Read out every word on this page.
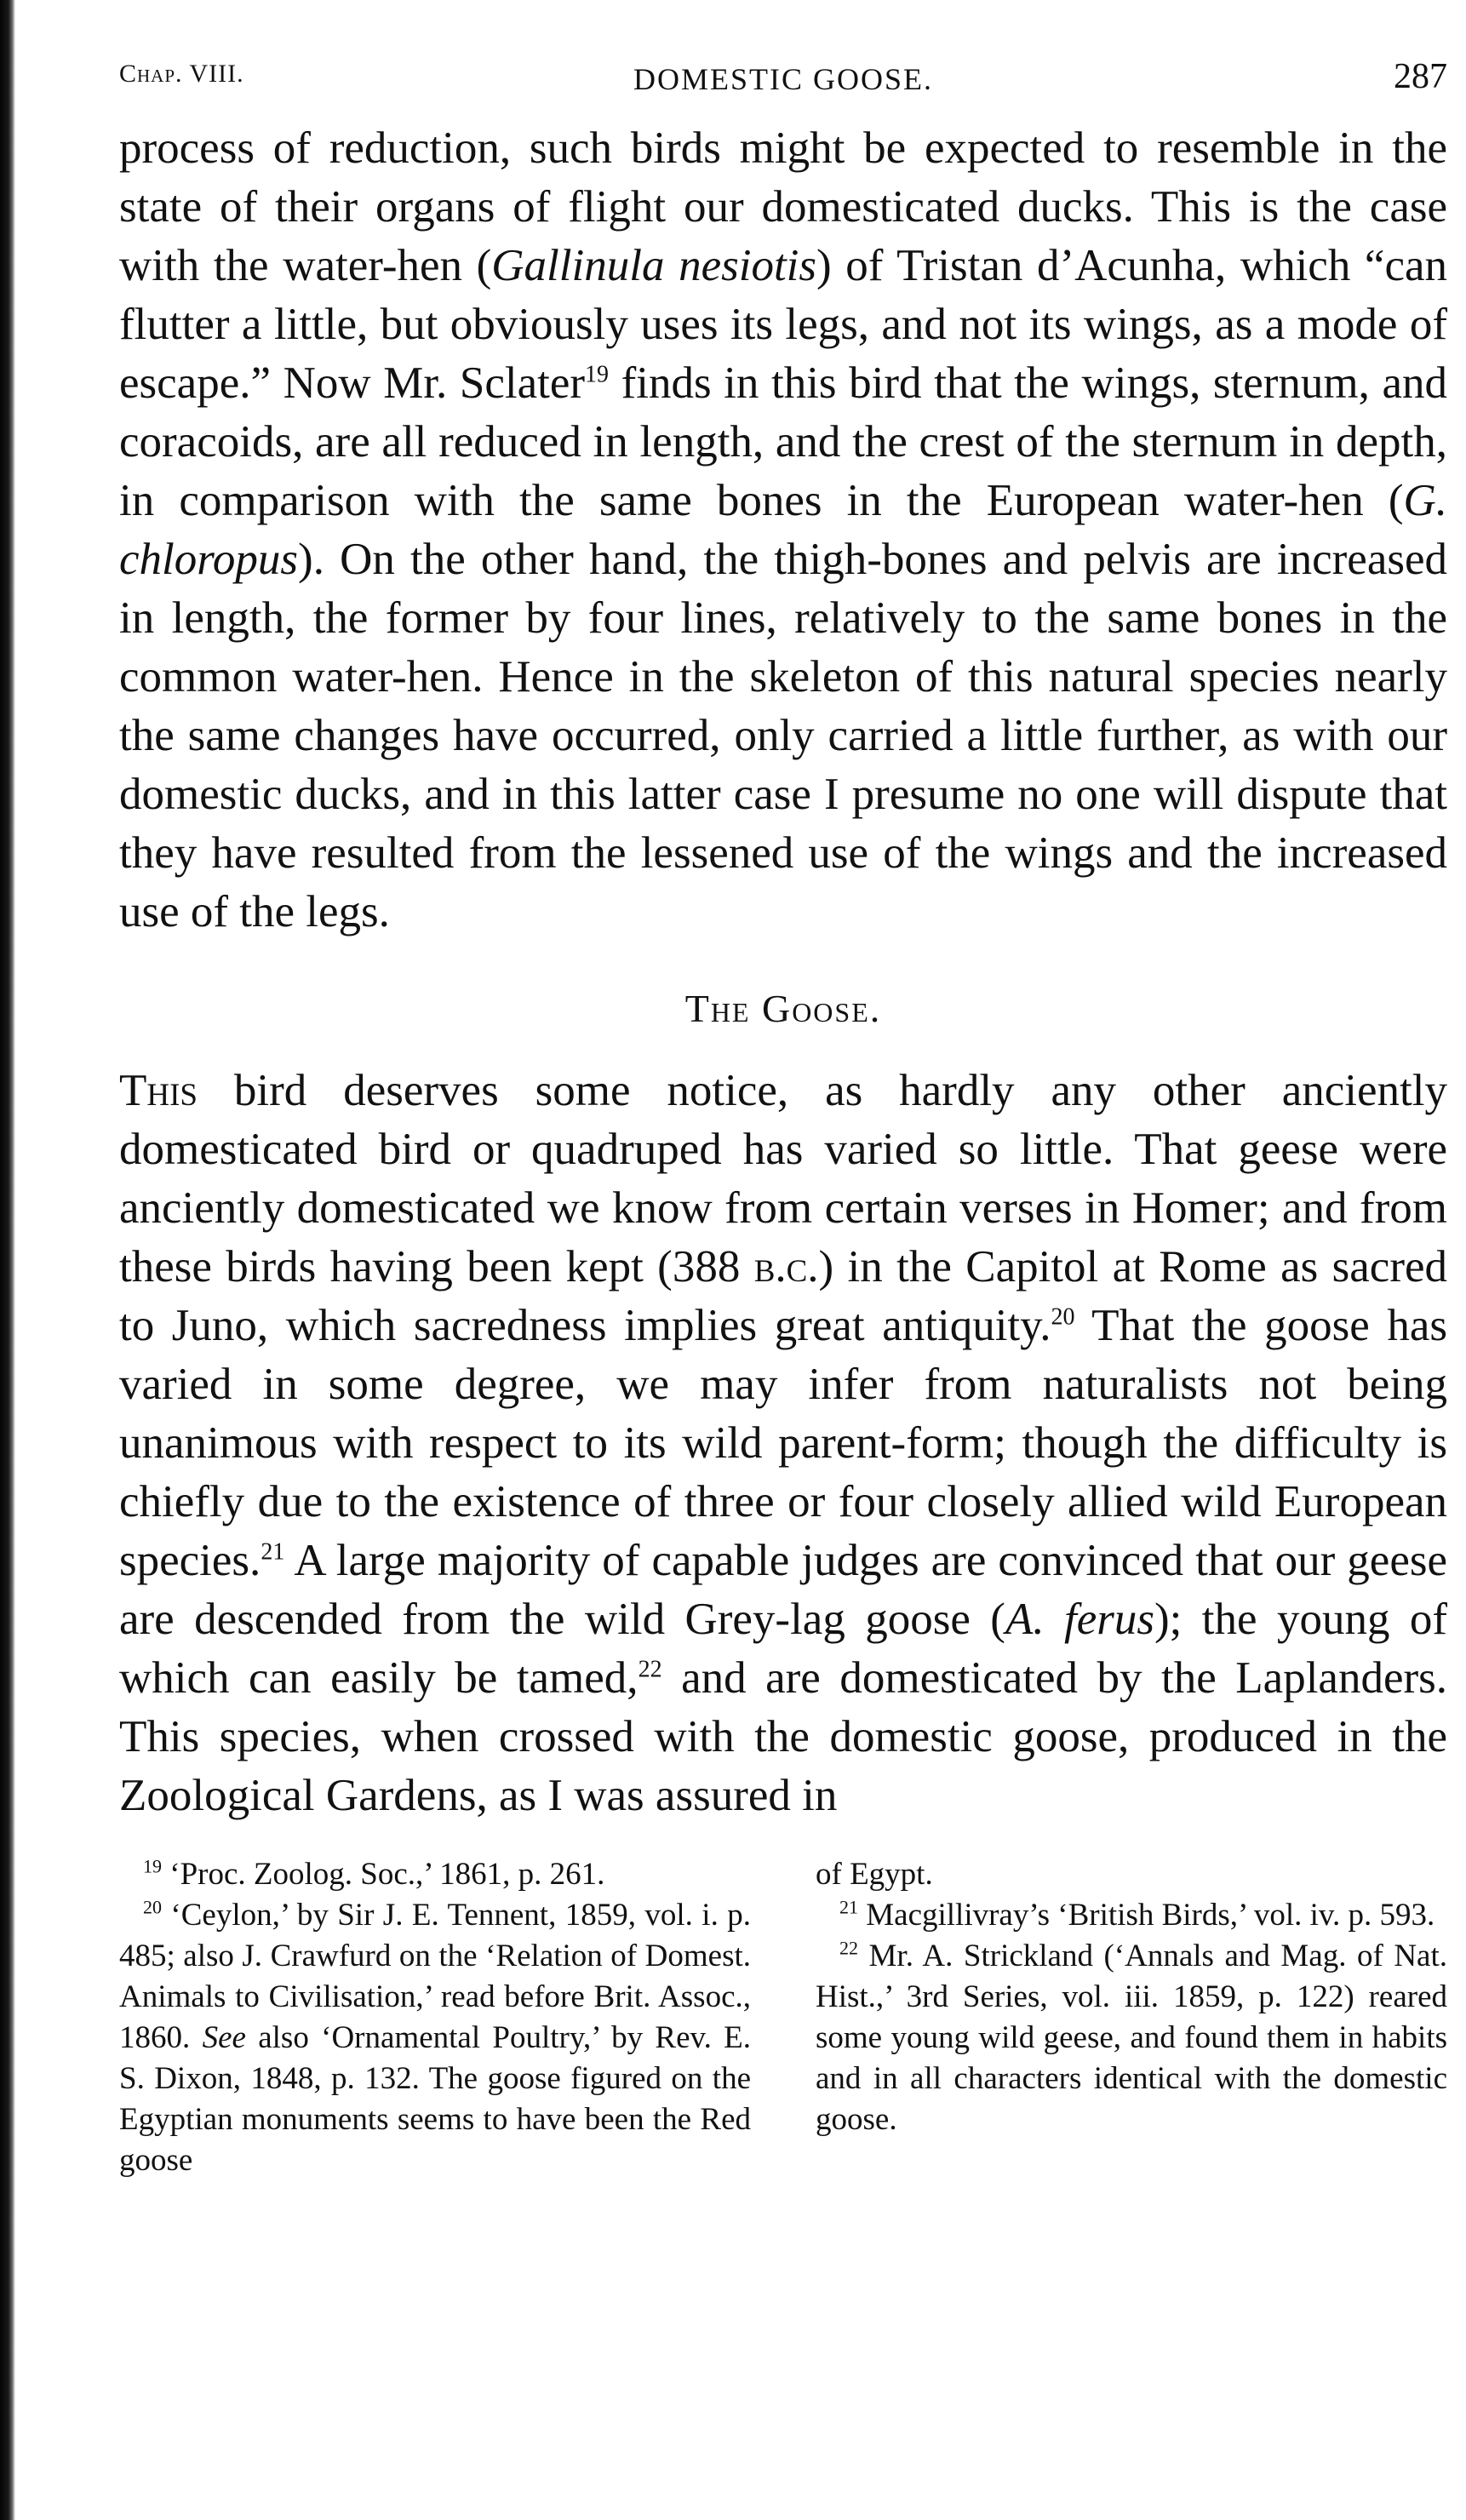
Chap. VIII.	DOMESTIC GOOSE.	287

process of reduction, such birds might be expected to resemble in the state of their organs of flight our domesticated ducks. This is the case with the water-hen (Gallinula nesiotis) of Tristan d’Acunha, which “can flutter a little, but obviously uses its legs, and not its wings, as a mode of escape.” Now Mr. Sclater$^{19}$ finds in this bird that the wings, sternum, and coracoids, are all reduced in length, and the crest of the sternum in depth, in comparison with the same bones in the European water-hen (G. chloropus). On the other hand, the thigh-bones and pelvis are increased in length, the former by four lines, relatively to the same bones in the common water-hen. Hence in the skeleton of this natural species nearly the same changes have occurred, only carried a little further, as with our domestic ducks, and in this latter case I presume no one will dispute that they have resulted from the lessened use of the wings and the increased use of the legs.

The Goose.

This bird deserves some notice, as hardly any other anciently domesticated bird or quadruped has varied so little. That geese were anciently domesticated we know from certain verses in Homer; and from these birds having been kept (388 b.c.) in the Capitol at Rome as sacred to Juno, which sacredness implies great antiquity.$^{20}$ That the goose has varied in some degree, we may infer from naturalists not being unanimous with respect to its wild parent-form; though the difficulty is chiefly due to the existence of three or four closely allied wild European species.$^{21}$ A large majority of capable judges are convinced that our geese are descended from the wild Grey-lag goose (A. ferus); the young of which can easily be tamed,$^{22}$ and are domesticated by the Laplanders. This species, when crossed with the domestic goose, produced in the Zoological Gardens, as I was assured in

$^{19}$ ‘Proc. Zoolog. Soc.,’ 1861, p. 261.

$^{20}$ ‘Ceylon,’ by Sir J. E. Tennent, 1859, vol. i. p. 485; also J. Crawfurd on the ‘Relation of Domest. Animals to Civilisation,’ read before Brit. Assoc., 1860. See also ‘Ornamental Poultry,’ by Rev. E. S. Dixon, 1848, p. 132. The goose figured on the Egyptian monuments seems to have been the Red goose

of Egypt.

$^{21}$ Macgillivray’s ‘British Birds,’ vol. iv. p. 593.

$^{22}$ Mr. A. Strickland (‘Annals and Mag. of Nat. Hist.,’ 3rd Series, vol. iii. 1859, p. 122) reared some young wild geese, and found them in habits and in all characters identical with the domestic goose.
